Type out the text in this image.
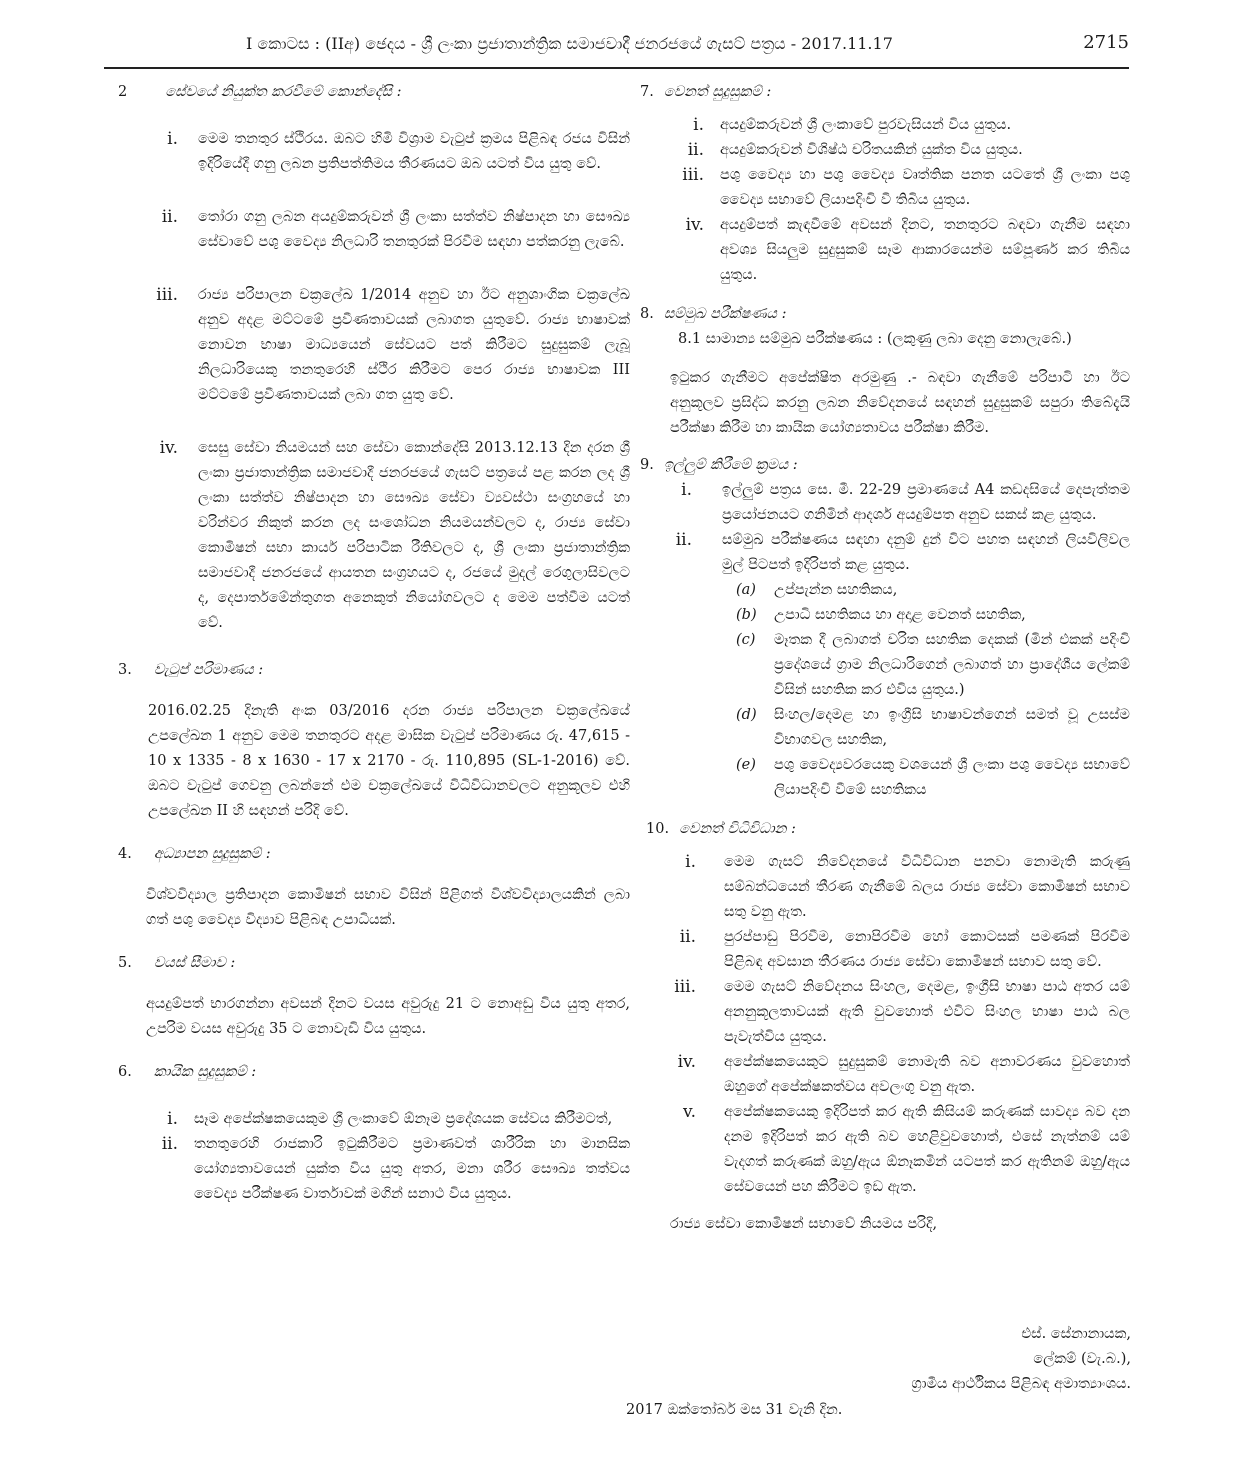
I කොටස : (IIඅ) ඡෙදය - ශ්‍රී ලංකා ප්‍රජාතාන්ත්‍රික සමාජවාදී ජනරජයේ ගැසට් පත්‍රය - 2017.11.17	2715
2	සේවයේ නියුක්ත කරවීමේ කොන්දේසි :
i.	මෙම තනතුර ස්ථිරය. ඔබට හිමි විශ්‍රාම වැටුප් ක්‍රමය පිළිබඳ රජය විසින් ඉදිරියේදී ගනු ලබන ප්‍රතිපත්තිමය තීරණයට ඔබ යටත් විය යුතු වේ.
ii.	තෝරා ගනු ලබන අයදුම්කරුවන් ශ්‍රී ලංකා සත්ත්ව නිෂ්පාදන හා සෞඛ්‍ය සේවාවේ පශු වෛද්‍ය නිලධාරි තනතුරක් පිරවීම සඳහා පත්කරනු ලැබේ.
iii.	රාජ්‍ය පරිපාලන චක්‍රලේඛ 1/2014 අනුව හා ඊට අනුශාංගික චක්‍රලේඛ අනුව අදළ මට්ටමේ ප්‍රවීණතාවයක් ලබාගත යුතුවේ. රාජ්‍ය භාෂාවක් නොවන භාෂා මාධ්‍යයෙන් සේවයට පත් කිරීමට සුදුසුකම් ලැබූ නිලධාරියෙකු තනතුරෙහි ස්ථිර කිරීමට පෙර රාජ්‍ය භාෂාවක III මට්ටමේ ප්‍රවීණතාවයක් ලබා ගත යුතු වේ.
iv.	සෙසු සේවා නියමයන් සහ සේවා කොන්දේසි 2013.12.13 දින දරන ශ්‍රී ලංකා ප්‍රජාතාන්ත්‍රික සමාජවාදී ජනරජයේ ගැසට් පත්‍රයේ පළ කරන ලද ශ්‍රී ලංකා සත්ත්ව නිෂ්පාදන හා සෞඛ්‍ය සේවා ව්‍යවස්ථා සංග්‍රහයේ හා වරින්වර නිකුත් කරන ලද සංශෝධන නියමයන්වලට ද, රාජ්‍ය සේවා කොමිෂන් සභා කාර්ය පරිපාටික රීතිවලට ද, ශ්‍රී ලංකා ප්‍රජාතාන්ත්‍රික සමාජවාදී ජනරජයේ ආයතන සංග්‍රහයට ද, රජයේ මුදල් රෙගුලාසිවලට ද, දෙපාර්තමේන්තුගත අනෙකුත් නියෝගවලට ද මෙම පත්වීම යටත් වේ.
3. වැටුප් පරිමාණය :
2016.02.25 දිනැති අංක 03/2016 දරන රාජ්‍ය පරිපාලන චක්‍රලේඛයේ උපලේඛන 1 අනුව මෙම තනතුරට අදළ මාසික වැටුප් පරිමාණය රු. 47,615 - 10 x 1335 - 8 x 1630 - 17 x 2170 - රු. 110,895 (SL-1-2016) වේ. ඔබට වැටුප් ගෙවනු ලබන්නේ එම චක්‍රලේඛයේ විධිවිධානවලට අනුකූලව එහි උපලේඛන II හි සඳහන් පරිදි වේ.
4. අධ්‍යාපන සුදුසුකම් :
විශ්වවිද්‍යාල ප්‍රතිපාදන කොමිෂන් සභාව විසින් පිළිගත් විශ්වවිද්‍යාලයකින් ලබා ගත් පශු වෛද්‍ය විද්‍යාව පිළිබඳ උපාධියක්.
5. වයස් සීමාව :
අයදුම්පත් භාරගන්නා අවසන් දිනට වයස අවුරුදු 21 ට නොඅඩු විය යුතු අතර, උපරිම වයස අවුරුදු 35 ට නොවැඩි විය යුතුය.
6. කායික සුදුසුකම් :
i.	සෑම අපේක්ෂකයෙකුම ශ්‍රී ලංකාවේ ඕනෑම ප්‍රදේශයක සේවය කිරීමටත්,
ii.	තනතුරෙහි රාජකාරි ඉටුකිරීමට ප්‍රමාණවත් ශාරීරික හා මානසික යෝග්‍යතාවයෙන් යුක්ත විය යුතු අතර, මනා ශරීර සෞඛ්‍ය තත්වය වෛද්‍ය පරීක්ෂණ වාර්තාවක් මගින් සනාථ විය යුතුය.
7. වෙනත් සුදුසුකම් :
i.	අයදුම්කරුවන් ශ්‍රී ලංකාවේ පුරවැසියන් විය යුතුය.
ii.	අයදුම්කරුවන් විශිෂ්ඨ චරිතයකින් යුක්ත විය යුතුය.
iii.	පශු වෛද්‍ය හා පශු වෛද්‍ය වෘත්තික පනත යටතේ ශ්‍රී ලංකා පශු වෛද්‍ය සභාවේ ලියාපදිංචි වී තිබිය යුතුය.
iv.	අයදුම්පත් කැඳවීමේ අවසන් දිනට, තනතුරට බඳවා ගැනීම සඳහා අවශ්‍ය සියලුම සුදුසුකම් සෑම ආකාරයෙන්ම සම්පූර්ණ කර තිබිය යුතුය.
8. සම්මුඛ පරීක්ෂණය :
8.1 සාමාන්‍ය සම්මුඛ පරීක්ෂණය : (ලකුණු ලබා දෙනු නොලැබේ.)
ඉටුකර ගැනීමට අපේක්ෂිත අරමුණු .- බඳවා ගැනීමේ පරිපාටි හා ඊට අනුකූලව ප්‍රසිද්ධ කරනු ලබන නිවේදනයේ සඳහන් සුදුසුකම් සපුරා තිබේදැයි පරීක්ෂා කිරීම හා කායික යෝග්‍යතාවය පරීක්ෂා කිරීම.
9. ඉල්ලුම් කිරීමේ ක්‍රමය :
i.	ඉල්ලුම් පත්‍රය සෙ. මී. 22-29 ප්‍රමාණයේ A4 කඩදසියේ දෙපැත්තම ප්‍රයෝජනයට ගනිමින් ආදර්ශ අයදුම්පත අනුව සකස් කළ යුතුය.
ii.	සම්මුඛ පරීක්ෂණය සඳහා දනුම් දුන් විට පහත සඳහන් ලියවිලිවල මුල් පිටපත් ඉදිරිපත් කළ යුතුය.
(a)	උප්පැන්න සහතිකය,
(b)	උපාධි සහතිකය හා අදාළ වෙනත් සහතික,
(c)	මෑතක දී ලබාගත් චරිත සහතික දෙකක් (මින් එකක් පදිංචි ප්‍රදේශයේ ග්‍රාම නිලධාරිගෙන් ලබාගත් හා ප්‍රාදේශීය ලේකම් විසින් සහතික කර එවිය යුතුය.)
(d)	සිංහල/දෙමළ හා ඉංග්‍රීසි භාෂාවන්ගෙන් සමත් වූ උසස්ම විභාගවල සහතික,
(e)	පශු වෛද්‍යවරයෙකු වශයෙන් ශ්‍රී ලංකා පශු වෛද්‍ය සභාවේ ලියාපදිංචි වීමේ සහතිකය
10. වෙනත් විධිවිධාන :
i.	මෙම ගැසට් නිවේදනයේ විධිවිධාන පනවා නොමැති කරුණු සම්බන්ධයෙන් තීරණ ගැනීමේ බලය රාජ්‍ය සේවා කොමිෂන් සභාව සතු වනු ඇත.
ii.	පුරප්පාඩු පිරවීම, නොපිරවීම හෝ කොටසක් පමණක් පිරවීම පිළිබඳ අවසාන තීරණය රාජ්‍ය සේවා කොමිෂන් සභාව සතු වේ.
iii.	මෙම ගැසට් නිවේදනය සිංහල, දෙමළ, ඉංග්‍රීසි භාෂා පාඨ අතර යම් අනනුකූලතාවයක් ඇති වුවහොත් එවිට සිංහල භාෂා පාඨ බල පැවැත්විය යුතුය.
iv.	අපේක්ෂකයෙකුට සුදුසුකම් නොමැති බව අනාවරණය වුවහොත් ඔහුගේ අපේක්ෂකත්වය අවලංගු වනු ඇත.
v.	අපේක්ෂකයෙකු ඉදිරිපත් කර ඇති කිසියම් කරුණක් සාවද්‍ය බව දන දනම ඉදිරිපත් කර ඇති බව හෙළිවුවහොත්, එසේ නැත්නම් යම් වැදගත් කරුණක් ඔහු/ඇය ඕනෑකමින් යටපත් කර ඇතිනම් ඔහු/ඇය සේවයෙන් පහ කිරීමට ඉඩ ඇත.
රාජ්‍ය සේවා කොමිෂන් සභාවේ නියමය පරිදි,
එස්. සේනානායක,
ලේකම් (වැ.බ.),
ග්‍රාමීය ආර්ථිකය පිළිබඳ අමාත්‍යාංශය.
2017 ඔක්තෝබර් මස 31 වැනි දින.
